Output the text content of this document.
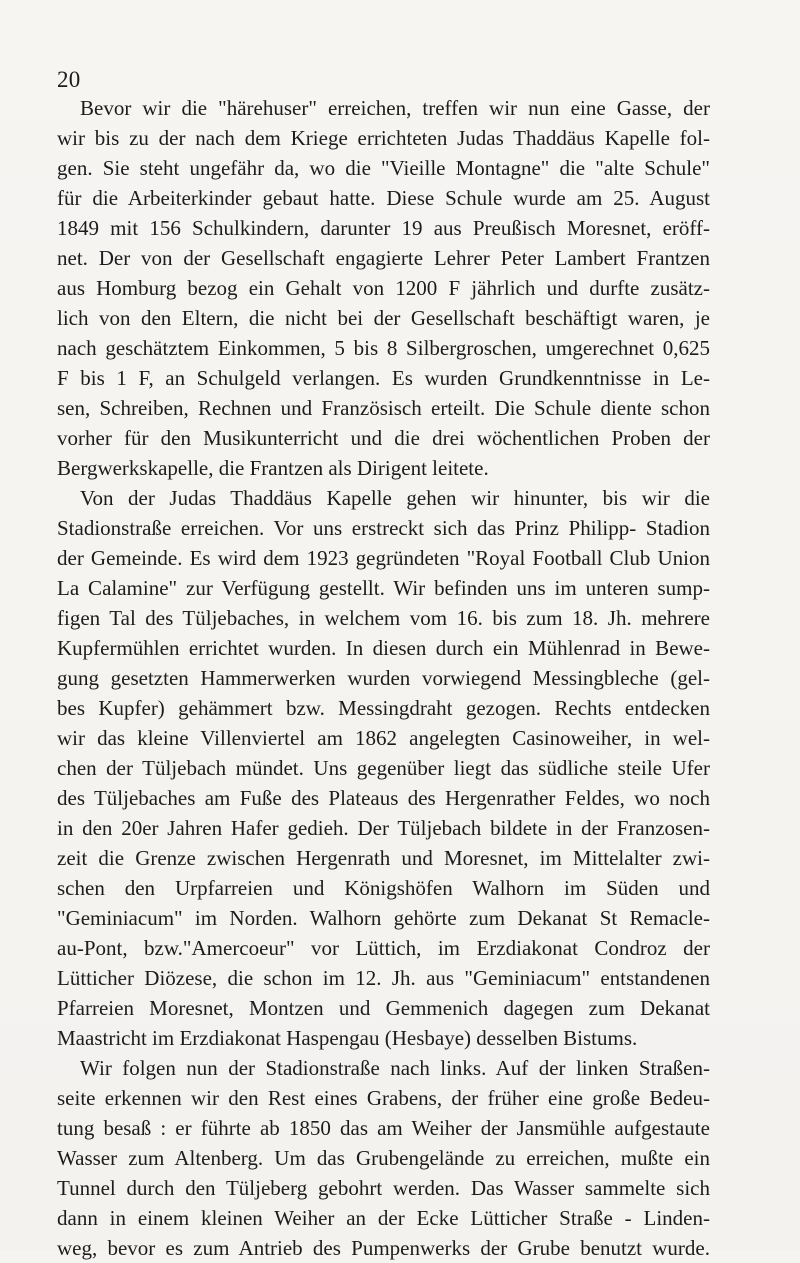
20

Bevor wir die "härehuser" erreichen, treffen wir nun eine Gasse, der
wir bis zu der nach dem Kriege errichteten Judas Thaddäus Kapelle fol-
gen. Sie steht ungefähr da, wo die "Vieille Montagne" die "alte Schule"
für die Arbeiterkinder gebaut hatte. Diese Schule wurde am 25. August
1849 mit 156 Schulkindern, darunter 19 aus Preußisch Moresnet, eröff-
net. Der von der Gesellschaft engagierte Lehrer Peter Lambert Frantzen
aus Homburg bezog ein Gehalt von 1200 F jährlich und durfte zusätz-
lich von den Eltern, die nicht bei der Gesellschaft beschäftigt waren, je
nach geschätztem Einkommen, 5 bis 8 Silbergroschen, umgerechnet 0,625
F bis 1 F, an Schulgeld verlangen. Es wurden Grundkenntnisse in Le-
sen, Schreiben, Rechnen und Französisch erteilt. Die Schule diente schon
vorher für den Musikunterricht und die drei wöchentlichen Proben der
Bergwerkskapelle, die Frantzen als Dirigent leitete.

Von der Judas Thaddäus Kapelle gehen wir hinunter, bis wir die
Stadionstraße erreichen. Vor uns erstreckt sich das Prinz Philipp- Stadion
der Gemeinde. Es wird dem 1923 gegründeten "Royal Football Club Union
La Calamine" zur Verfügung gestellt. Wir befinden uns im unteren sump-
figen Tal des Tüljebaches, in welchem vom 16. bis zum 18. Jh. mehrere
Kupfermühlen errichtet wurden. In diesen durch ein Mühlenrad in Bewe-
gung gesetzten Hammerwerken wurden vorwiegend Messingbleche (gel-
bes Kupfer) gehämmert bzw. Messingdraht gezogen. Rechts entdecken
wir das kleine Villenviertel am 1862 angelegten Casinoweiher, in wel-
chen der Tüljebach mündet. Uns gegenüber liegt das südliche steile Ufer
des Tüljebaches am Fuße des Plateaus des Hergenrather Feldes, wo noch
in den 20er Jahren Hafer gedieh. Der Tüljebach bildete in der Franzosen-
zeit die Grenze zwischen Hergenrath und Moresnet, im Mittelalter zwi-
schen den Urpfarreien und Königshöfen Walhorn im Süden und
"Geminiacum" im Norden. Walhorn gehörte zum Dekanat St Remacle-
au-Pont, bzw."Amercoeur" vor Lüttich, im Erzdiakonat Condroz der
Lütticher Diözese, die schon im 12. Jh. aus "Geminiacum" entstandenen
Pfarreien Moresnet, Montzen und Gemmenich dagegen zum Dekanat
Maastricht im Erzdiakonat Haspengau (Hesbaye) desselben Bistums.

Wir folgen nun der Stadionstraße nach links. Auf der linken Straßen-
seite erkennen wir den Rest eines Grabens, der früher eine große Bedeu-
tung besaß : er führte ab 1850 das am Weiher der Jansmühle aufgestaute
Wasser zum Altenberg. Um das Grubengelände zu erreichen, mußte ein
Tunnel durch den Tüljeberg gebohrt werden. Das Wasser sammelte sich
dann in einem kleinen Weiher an der Ecke Lütticher Straße - Linden-
weg, bevor es zum Antrieb des Pumpenwerks der Grube benutzt wurde.
